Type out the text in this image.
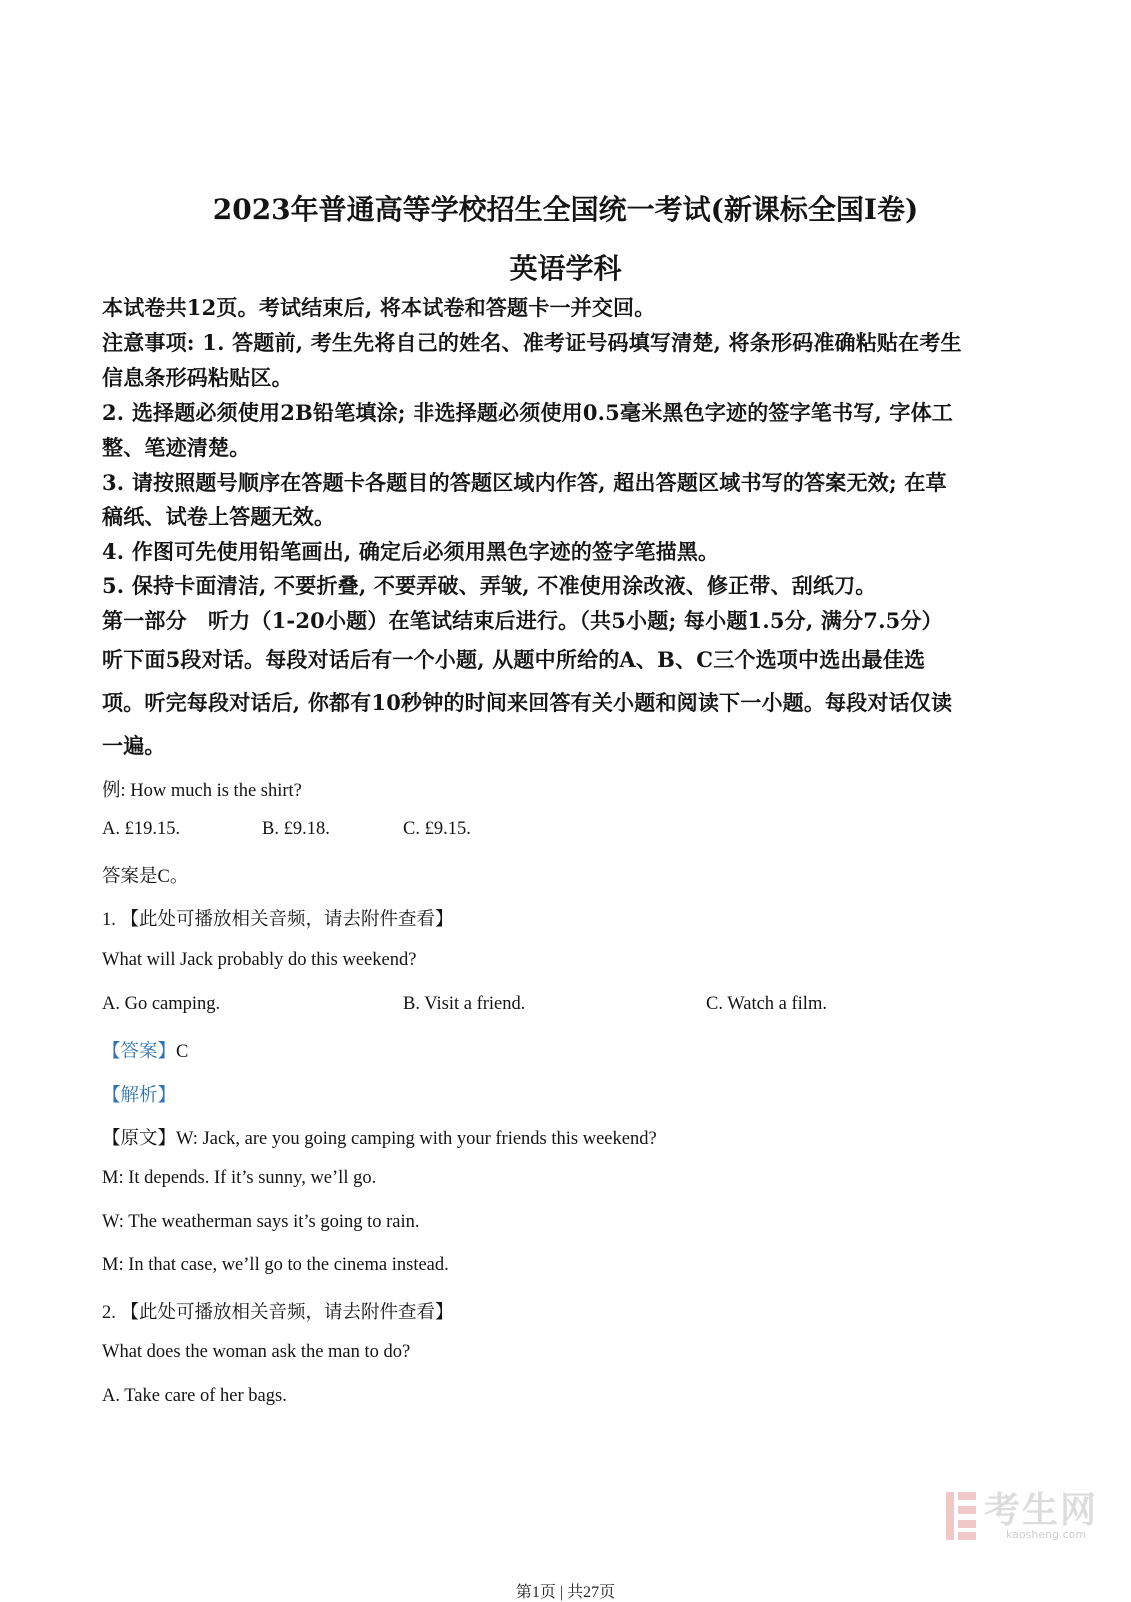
2023年普通高等学校招生全国统一考试(新课标全国Ⅰ卷)
英语学科
本试卷共12页。考试结束后, 将本试卷和答题卡一并交回。
注意事项: 1. 答题前, 考生先将自己的姓名、准考证号码填写清楚, 将条形码准确粘贴在考生
信息条形码粘贴区。
2. 选择题必须使用2B铅笔填涂; 非选择题必须使用0.5毫米黑色字迹的签字笔书写, 字体工
整、笔迹清楚。
3. 请按照题号顺序在答题卡各题目的答题区域内作答, 超出答题区域书写的答案无效; 在草
稿纸、试卷上答题无效。
4. 作图可先使用铅笔画出, 确定后必须用黑色字迹的签字笔描黑。
5. 保持卡面清洁, 不要折叠, 不要弄破、弄皱, 不准使用涂改液、修正带、刮纸刀。
第一部分　听力（1-20小题）在笔试结束后进行。（共5小题; 每小题1.5分, 满分7.5分）
听下面5段对话。每段对话后有一个小题, 从题中所给的A、B、C三个选项中选出最佳选
项。听完每段对话后, 你都有10秒钟的时间来回答有关小题和阅读下一小题。每段对话仅读
一遍。
例: How much is the shirt?
A. £19.15.	B. £9.18.	C. £9.15.
答案是C。
1. 【此处可播放相关音频，请去附件查看】
What will Jack probably do this weekend?
A. Go camping.	B. Visit a friend.	C. Watch a film.
【答案】C
【解析】
【原文】W: Jack, are you going camping with your friends this weekend?
M: It depends. If it’s sunny, we’ll go.
W: The weatherman says it’s going to rain.
M: In that case, we’ll go to the cinema instead.
2. 【此处可播放相关音频，请去附件查看】
What does the woman ask the man to do?
A. Take care of her bags.
考生网
kaosheng.com
第1页 | 共27页
